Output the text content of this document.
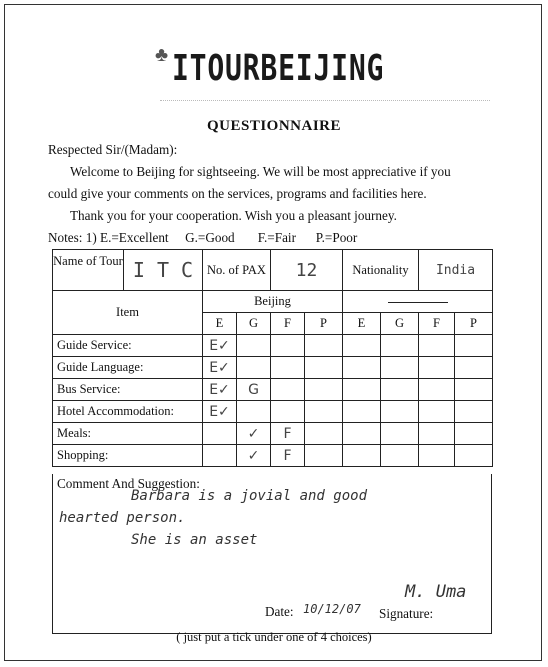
♣ ITOURBEIJING
QUESTIONNAIRE
Respected Sir/(Madam):
Welcome to Beijing for sightseeing. We will be most appreciative if you
could give your comments on the services, programs and facilities here.
Thank you for your cooperation. Wish you a pleasant journey.
Notes: 1) E.=Excellent     G.=Good       F.=Fair      P.=Poor
Name of Tour I T C	No. of PAX		12		Nationality		India	
Item	Beijing							
	E	G	F	P	E	G	F	P
Guide Service:	E✓							
Guide Language:	E✓							
Bus Service:	E✓	G						
Hotel Accommodation:	E✓							
Meals:		✓	F					
Shopping:		✓	F					
Comment And Suggestion:
Barbara is a jovial and good
hearted person.
She is an asset
Date: 10/12/07 Signature:
M. Uma
( just put a tick under one of 4 choices)
